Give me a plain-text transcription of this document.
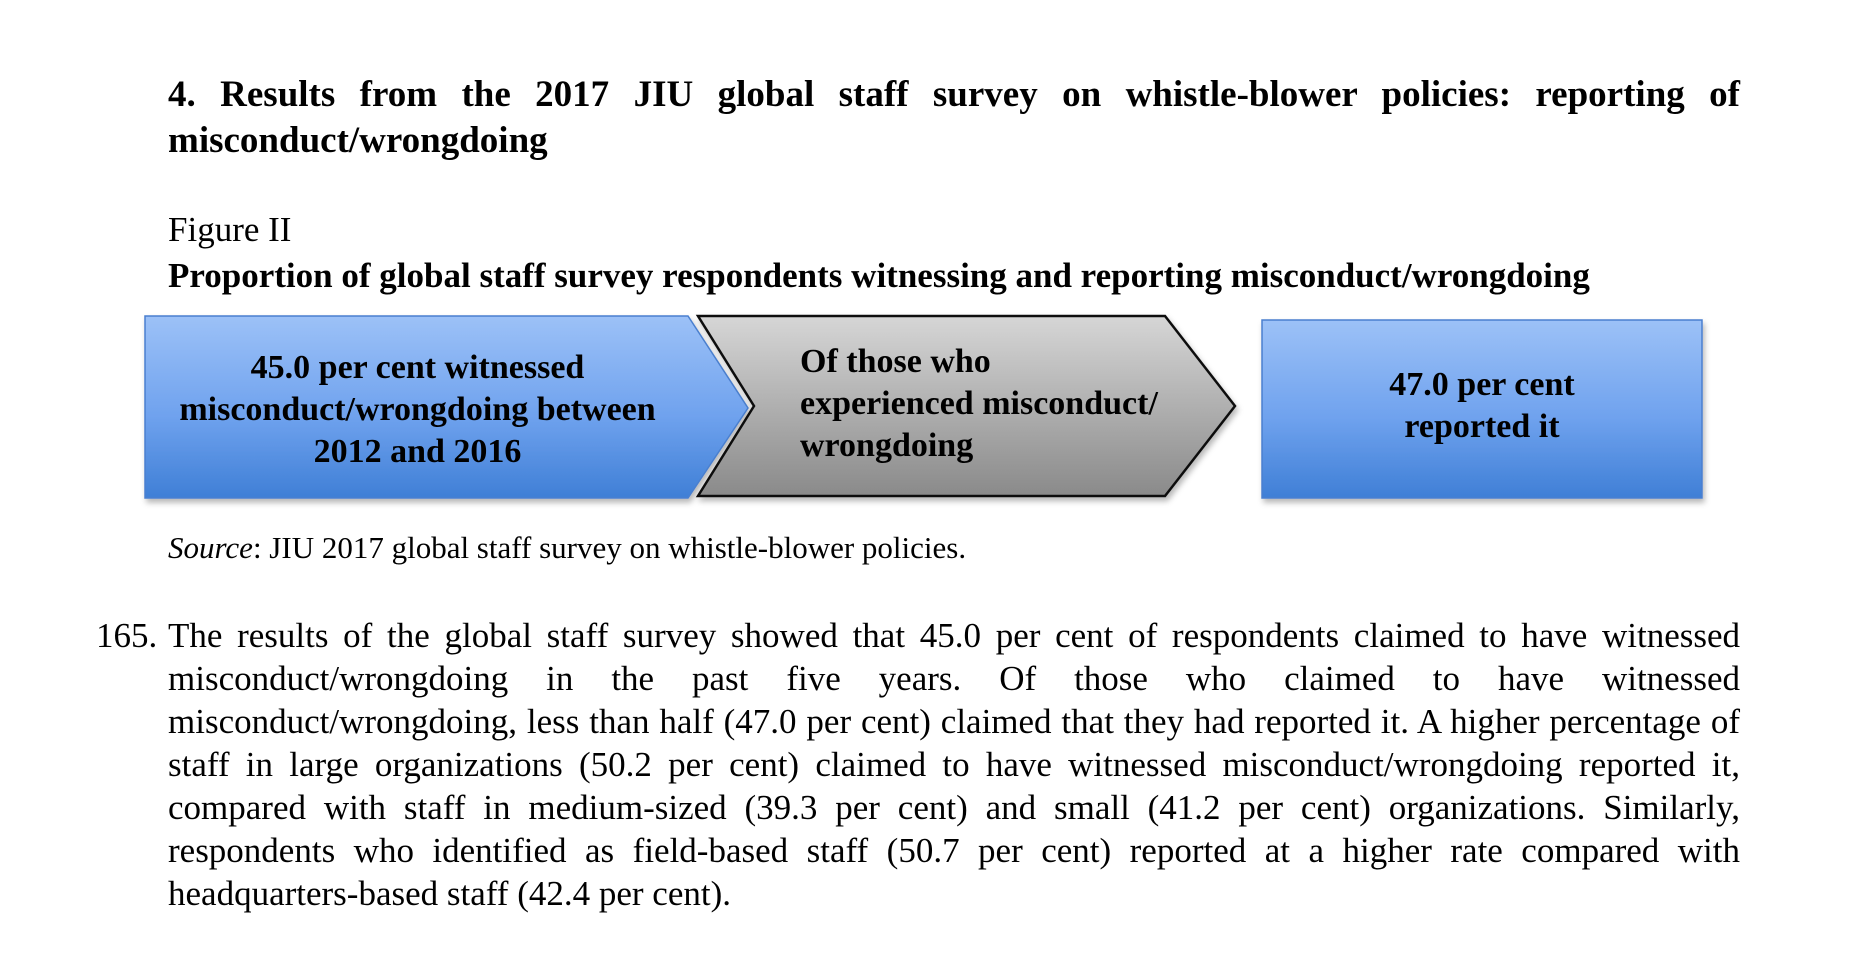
4. Results from the 2017 JIU global staff survey on whistle-blower policies: reporting of misconduct/wrongdoing
Figure II
Proportion of global staff survey respondents witnessing and reporting misconduct/wrongdoing
45.0 per cent witnessed
misconduct/wrongdoing between
2012 and 2016
Of those who
experienced misconduct/
wrongdoing
47.0 per cent
reported it
Source: JIU 2017 global staff survey on whistle-blower policies.
165. The results of the global staff survey showed that 45.0 per cent of respondents claimed to have witnessed misconduct/wrongdoing in the past five years. Of those who claimed to have witnessed misconduct/wrongdoing, less than half (47.0 per cent) claimed that they had reported it. A higher percentage of staff in large organizations (50.2 per cent) claimed to have witnessed misconduct/wrongdoing reported it, compared with staff in medium-sized (39.3 per cent) and small (41.2 per cent) organizations. Similarly, respondents who identified as field-based staff (50.7 per cent) reported at a higher rate compared with headquarters-based staff (42.4 per cent).
